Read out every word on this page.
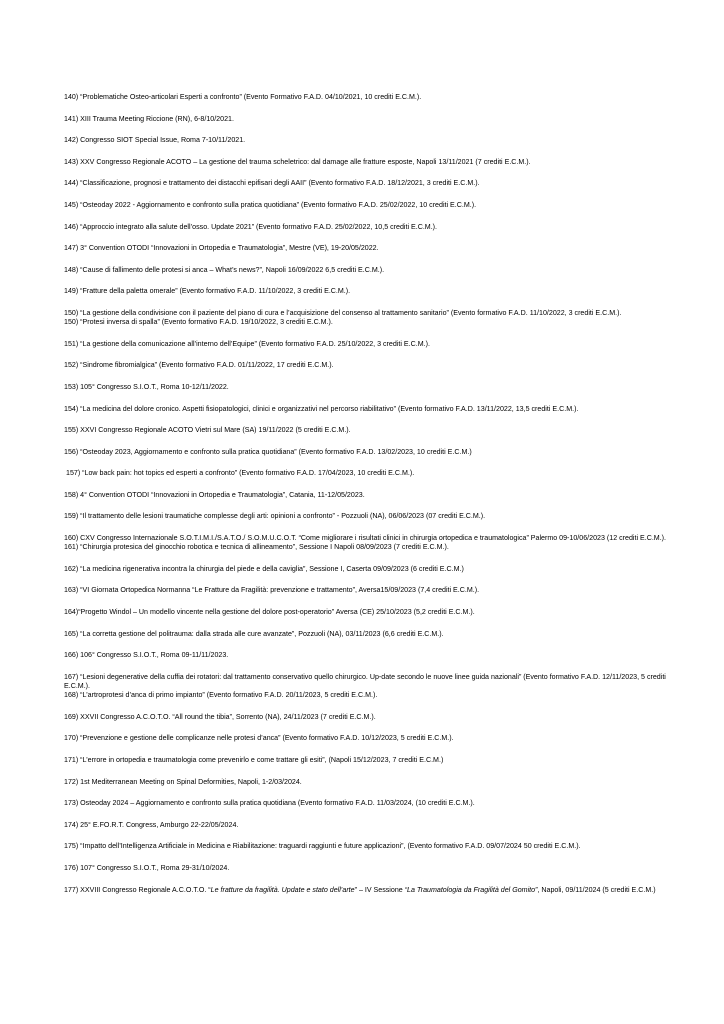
140) “Problematiche Osteo-articolari Esperti a confronto” (Evento Formativo F.A.D. 04/10/2021, 10 crediti E.C.M.).

141) XIII Trauma Meeting Riccione (RN), 6-8/10/2021.

142) Congresso SIOT Special Issue, Roma 7-10/11/2021.

143) XXV Congresso Regionale ACOTO – La gestione del trauma scheletrico: dal damage alle fratture esposte, Napoli 13/11/2021 (7 crediti E.C.M.).

144) “Classificazione, prognosi e trattamento dei distacchi epifisari degli AAII” (Evento formativo F.A.D. 18/12/2021, 3 crediti E.C.M.).

145) “Osteoday 2022 - Aggiornamento e confronto sulla pratica quotidiana” (Evento formativo F.A.D. 25/02/2022, 10 crediti E.C.M.).

146) “Approccio integrato alla salute dell’osso. Update 2021” (Evento formativo F.A.D. 25/02/2022, 10,5 crediti E.C.M.).

147) 3° Convention OTODI “Innovazioni in Ortopedia e Traumatologia”, Mestre (VE), 19-20/05/2022.

148) “Cause di fallimento delle protesi si anca – What’s news?”, Napoli 16/09/2022 6,5 crediti E.C.M.).

149) “Fratture della paletta omerale” (Evento formativo F.A.D. 11/10/2022, 3 crediti E.C.M.).

150) “La gestione della condivisione con il paziente del piano di cura e l’acquisizione del consenso al trattamento sanitario” (Evento formativo F.A.D. 11/10/2022, 3 crediti E.C.M.).

150) “Protesi inversa di spalla” (Evento formativo F.A.D. 19/10/2022, 3 crediti E.C.M.).

151) “La gestione della comunicazione all’interno dell’Equipe” (Evento formativo F.A.D. 25/10/2022, 3 crediti E.C.M.).

152) “Sindrome fibromialgica” (Evento formativo F.A.D. 01/11/2022, 17 crediti E.C.M.).

153) 105° Congresso S.I.O.T., Roma 10-12/11/2022.

154) “La medicina del dolore cronico. Aspetti fisiopatologici, clinici e organizzativi nel percorso riabilitativo” (Evento formativo F.A.D. 13/11/2022, 13,5 crediti E.C.M.).

155) XXVI Congresso Regionale ACOTO Vietri sul Mare (SA) 19/11/2022 (5 crediti E.C.M.).

156) “Osteoday 2023, Aggiornamento e confronto sulla pratica quotidiana” (Evento formativo F.A.D. 13/02/2023, 10 crediti E.C.M.)

157) “Low back pain: hot topics ed esperti a confronto” (Evento formativo F.A.D. 17/04/2023, 10 crediti E.C.M.).

158) 4° Convention OTODI “Innovazioni in Ortopedia e Traumatologia”, Catania, 11-12/05/2023.

159) “Il trattamento delle lesioni traumatiche complesse degli arti: opinioni a confronto” - Pozzuoli (NA), 06/06/2023 (07 crediti E.C.M.).

160) CXV Congresso Internazionale S.O.T.I.M.I./S.A.T.O./ S.O.M.U.C.O.T. “Come migliorare i risultati clinici in chirurgia ortopedica e traumatologica” Palermo 09-10/06/2023 (12 crediti E.C.M.).

161) “Chirurgia protesica del ginocchio robotica e tecnica di allineamento”, Sessione I Napoli 08/09/2023 (7 crediti E.C.M.).

162) “La medicina rigenerativa incontra la chirurgia del piede e della caviglia”, Sessione I, Caserta 09/09/2023 (6 crediti E.C.M.)

163) “VI Giornata Ortopedica Normanna “Le Fratture da Fragilità: prevenzione e trattamento”, Aversa15/09/2023 (7,4 crediti E.C.M.).

164)“Progetto Windol – Un modello vincente nella gestione del dolore post-operatorio” Aversa (CE) 25/10/2023 (5,2 crediti E.C.M.).

165) “La corretta gestione del politrauma: dalla strada alle cure avanzate”, Pozzuoli (NA), 03/11/2023 (6,6 crediti E.C.M.).

166) 106° Congresso S.I.O.T., Roma 09-11/11/2023.

167) “Lesioni degenerative della cuffia dei rotatori: dal trattamento conservativo quello chirurgico. Up-date secondo le nuove linee guida nazionali” (Evento formativo F.A.D. 12/11/2023, 5 crediti E.C.M.).

168) “L’artroprotesi d’anca di primo impianto” (Evento formativo F.A.D. 20/11/2023, 5 crediti E.C.M.).

169) XXVII Congresso A.C.O.T.O. “All round the tibia”, Sorrento (NA), 24/11/2023 (7 crediti E.C.M.).

170) “Prevenzione e gestione delle complicanze nelle protesi d’anca” (Evento formativo F.A.D. 10/12/2023, 5 crediti E.C.M.).

171) “L’errore in ortopedia e traumatologia come prevenirlo e come trattare gli esiti”, (Napoli 15/12/2023, 7 crediti E.C.M.)

172) 1st Mediterranean Meeting on Spinal Deformities, Napoli, 1-2/03/2024.

173) Osteoday 2024 – Aggiornamento e confronto sulla pratica quotidiana (Evento formativo F.A.D. 11/03/2024, (10 crediti E.C.M.).

174) 25° E.FO.R.T. Congress, Amburgo 22-22/05/2024.

175) “Impatto dell’Intelligenza Artificiale in Medicina e Riabilitazione: traguardi raggiunti e future applicazioni”, (Evento formativo F.A.D. 09/07/2024 50 crediti E.C.M.).

176) 107° Congresso S.I.O.T., Roma 29-31/10/2024.

177) XXVIII Congresso Regionale A.C.O.T.O. “Le fratture da fragilità. Update e stato dell’arte” – IV Sessione “La Traumatologia da Fragilità del Gomito”, Napoli, 09/11/2024 (5 crediti E.C.M.)
